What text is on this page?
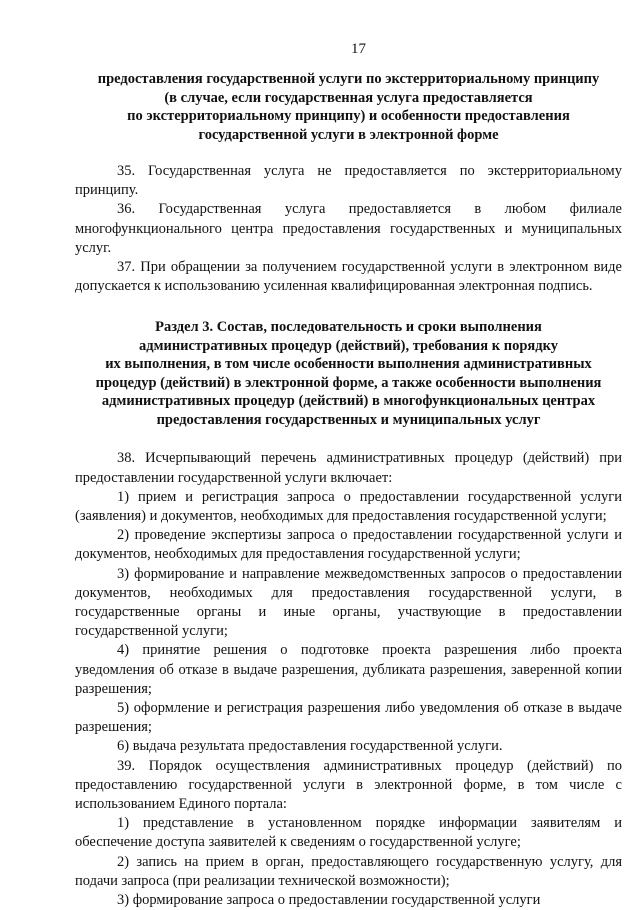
17
предоставления государственной услуги по экстерриториальному принципу
(в случае, если государственная услуга предоставляется
по экстерриториальному принципу) и особенности предоставления
государственной услуги в электронной форме

35. Государственная услуга не предоставляется по экстерриториальному принципу.

36. Государственная услуга предоставляется в любом филиале многофункционального центра предоставления государственных и муниципальных услуг.

37. При обращении за получением государственной услуги в электронном виде допускается к использованию усиленная квалифицированная электронная подпись.

Раздел 3. Состав, последовательность и сроки выполнения
административных процедур (действий), требования к порядку
их выполнения, в том числе особенности выполнения административных
процедур (действий) в электронной форме, а также особенности выполнения
административных процедур (действий) в многофункциональных центрах
предоставления государственных и муниципальных услуг

38. Исчерпывающий перечень административных процедур (действий) при предоставлении государственной услуги включает:

1) прием и регистрация запроса о предоставлении государственной услуги (заявления) и документов, необходимых для предоставления государственной услуги;

2) проведение экспертизы запроса о предоставлении государственной услуги и документов, необходимых для предоставления государственной услуги;

3) формирование и направление межведомственных запросов о предоставлении документов, необходимых для предоставления государственной услуги, в государственные органы и иные органы, участвующие в предоставлении государственной услуги;

4) принятие решения о подготовке проекта разрешения либо проекта уведомления об отказе в выдаче разрешения, дубликата разрешения, заверенной копии разрешения;

5) оформление и регистрация разрешения либо уведомления об отказе в выдаче разрешения;

6) выдача результата предоставления государственной услуги.

39. Порядок осуществления административных процедур (действий) по предоставлению государственной услуги в электронной форме, в том числе с использованием Единого портала:

1) представление в установленном порядке информации заявителям и обеспечение доступа заявителей к сведениям о государственной услуге;

2) запись на прием в орган, предоставляющего государственную услугу, для подачи запроса (при реализации технической возможности);

3) формирование запроса о предоставлении государственной услуги
